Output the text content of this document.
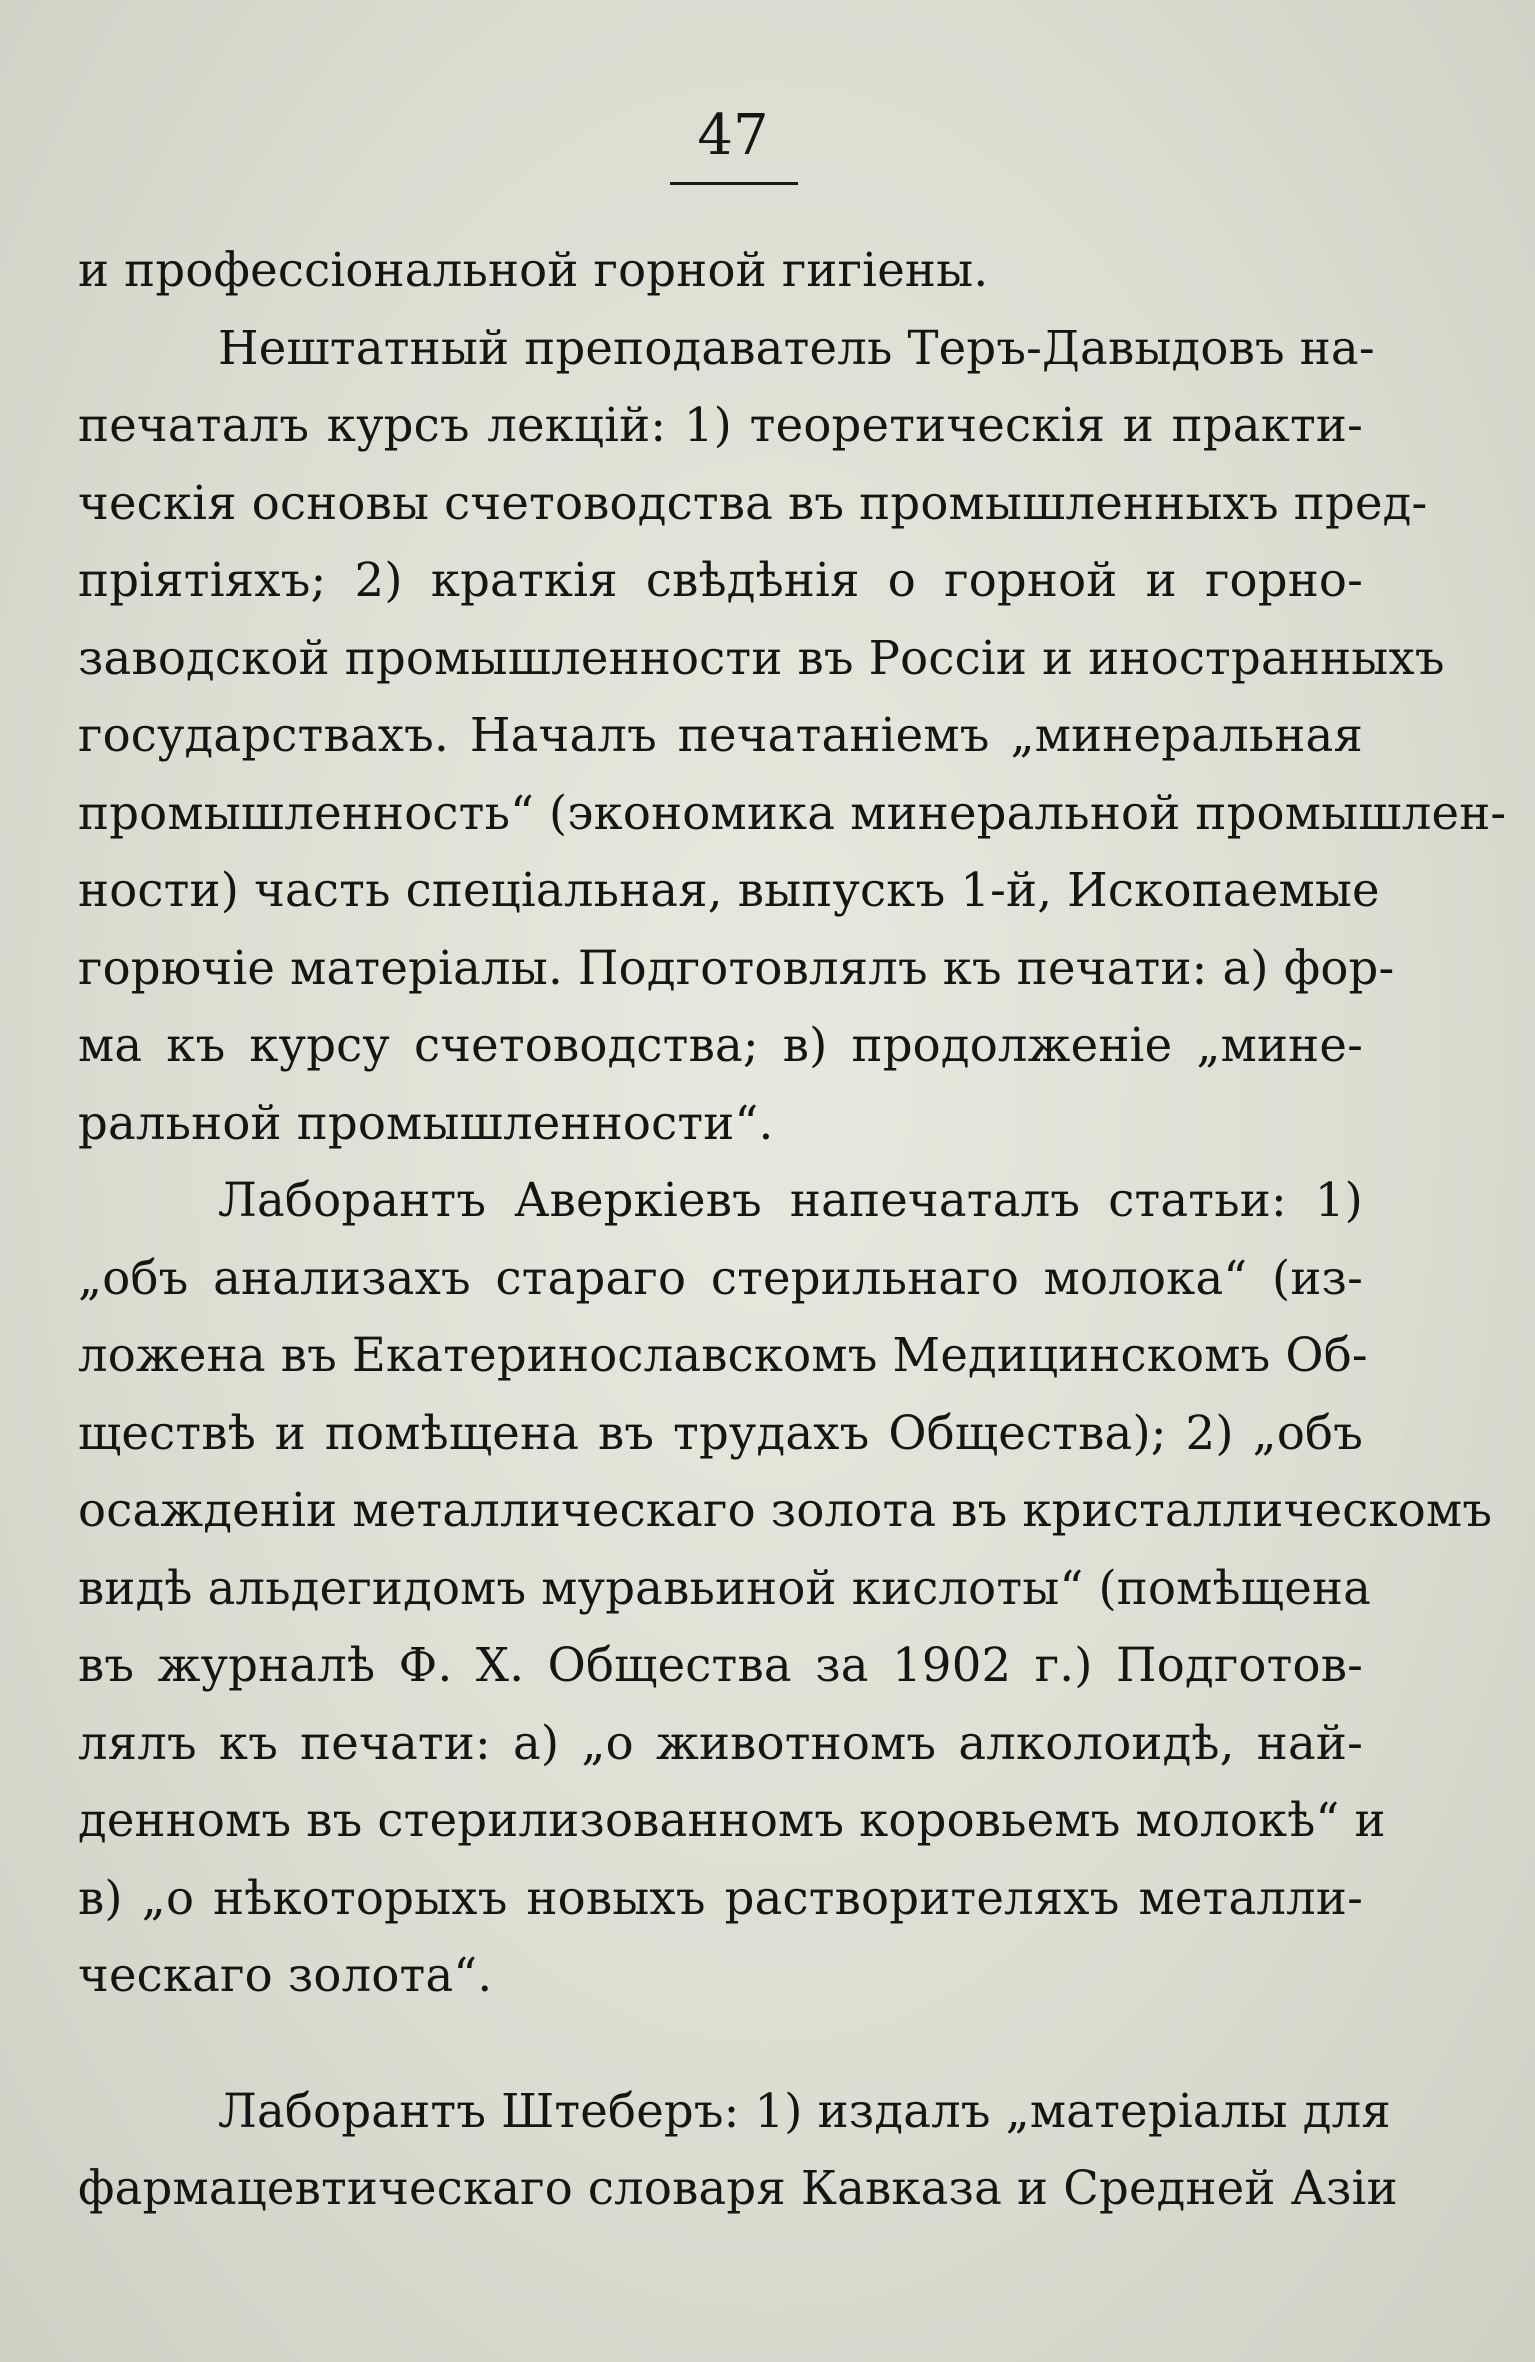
47
и профессіональной горной гигіены.
Нештатный преподаватель Теръ-Давыдовъ на-
печаталъ курсъ лекцій: 1) теоретическія и практи-
ческія основы счетоводства въ промышленныхъ пред-
пріятіяхъ; 2) краткія свѣдѣнія о горной и горно-
заводской промышленности въ Россіи и иностранныхъ
государствахъ. Началъ печатаніемъ „минеральная
промышленность“ (экономика минеральной промышлен-
ности) часть спеціальная, выпускъ 1-й, Ископаемые
горючіе матеріалы. Подготовлялъ къ печати: а) фор-
ма къ курсу счетоводства; в) продолженіе „мине-
ральной промышленности“.
Лаборантъ Аверкіевъ напечаталъ статьи: 1)
„объ анализахъ стараго стерильнаго молока“ (из-
ложена въ Екатеринославскомъ Медицинскомъ Об-
ществѣ и помѣщена въ трудахъ Общества); 2) „объ
осажденіи металлическаго золота въ кристаллическомъ
видѣ альдегидомъ муравьиной кислоты“ (помѣщена
въ журналѣ Ф. Х. Общества за 1902 г.) Подготов-
лялъ къ печати: а) „о животномъ алколоидѣ, най-
денномъ въ стерилизованномъ коровьемъ молокѣ“ и
в) „о нѣкоторыхъ новыхъ растворителяхъ металли-
ческаго золота“.
Лаборантъ Штеберъ: 1) издалъ „матеріалы для
фармацевтическаго словаря Кавказа и Средней Азіи
